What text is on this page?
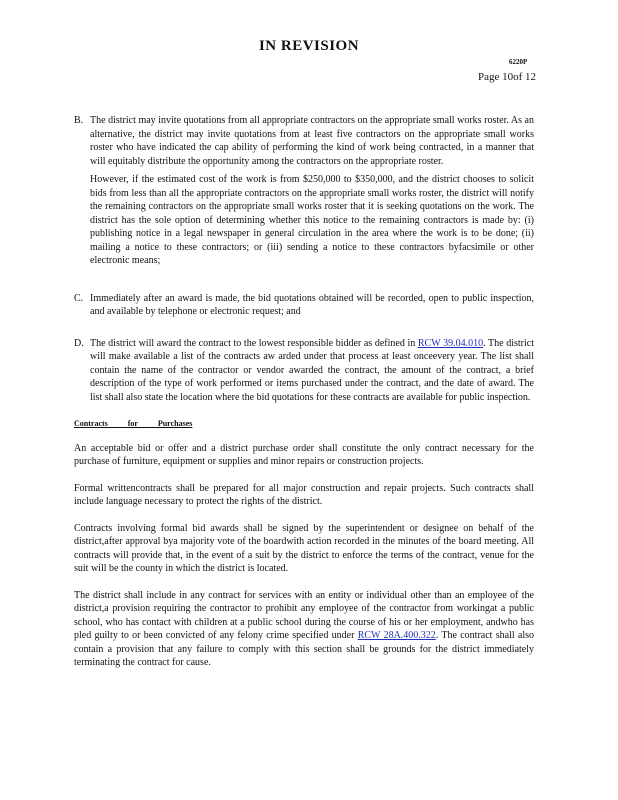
IN REVISION
6220P
Page 10of 12
B. The district may invite quotations from all appropriate contractors on the appropriate small works roster. As an alternative, the district may invite quotations from at least five contractors on the appropriate small works roster who have indicated the cap ability of performing the kind of work being contracted, in a manner that will equitably distribute the opportunity among the contractors on the appropriate roster.

However, if the estimated cost of the work is from $250,000 to $350,000, and the district chooses to solicit bids from less than all the appropriate contractors on the appropriate small works roster, the district will notify the remaining contractors on the appropriate small works roster that it is seeking quotations on the work. The district has the sole option of determining whether this notice to the remaining contractors is made by: (i) publishing notice in a legal newspaper in general circulation in the area where the work is to be done; (ii) mailing a notice to these contractors; or (iii) sending a notice to these contractors byfacsimile or other electronic means;

C. Immediately after an award is made, the bid quotations obtained will be recorded, open to public inspection, and available by telephone or electronic request; and

D. The district will award the contract to the lowest responsible bidder as defined in RCW 39.04.010. The district will make available a list of the contracts aw arded under that process at least onceevery year. The list shall contain the name of the contractor or vendor awarded the contract, the amount of the contract, a brief description of the type of work performed or items purchased under the contract, and the date of award. The list shall also state the location where the bid quotations for these contracts are available for public inspection.

Contracts for Purchases

An acceptable bid or offer and a district purchase order shall constitute the only contract necessary for the purchase of furniture, equipment or supplies and minor repairs or construction projects.

Formal writtencontracts shall be prepared for all major construction and repair projects. Such contracts shall include language necessary to protect the rights of the district.

Contracts involving formal bid awards shall be signed by the superintendent or designee on behalf of the district,after approval bya majority vote of the boardwith action recorded in the minutes of the board meeting. All contracts will provide that, in the event of a suit by the district to enforce the terms of the contract, venue for the suit will be the county in which the district is located.

The district shall include in any contract for services with an entity or individual other than an employee of the district,a provision requiring the contractor to prohibit any employee of the contractor from workingat a public school, who has contact with children at a public school during the course of his or her employment, andwho has pled guilty to or been convicted of any felony crime specified under RCW 28A.400.322. The contract shall also contain a provision that any failure to comply with this section shall be grounds for the district immediately terminating the contract for cause.
